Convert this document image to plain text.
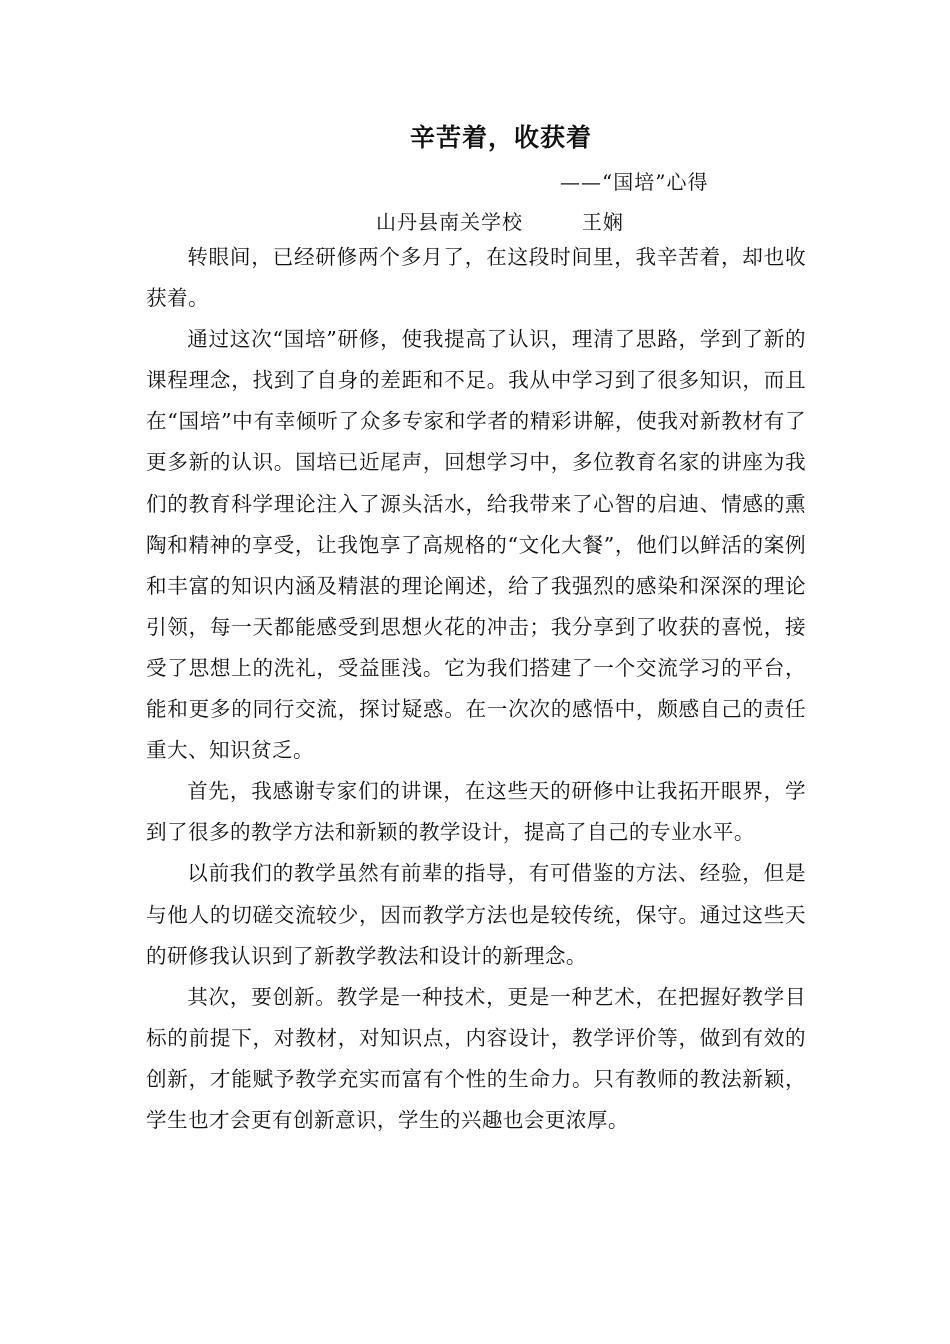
辛苦着，收获着
——“国培”心得
山丹县南关学校	王娴

转眼间，已经研修两个多月了，在这段时间里，我辛苦着，却也收获着。

通过这次“国培”研修，使我提高了认识，理清了思路，学到了新的课程理念，找到了自身的差距和不足。我从中学习到了很多知识，而且在“国培”中有幸倾听了众多专家和学者的精彩讲解，使我对新教材有了更多新的认识。国培已近尾声，回想学习中，多位教育名家的讲座为我们的教育科学理论注入了源头活水，给我带来了心智的启迪、情感的熏陶和精神的享受，让我饱享了高规格的“文化大餐”，他们以鲜活的案例和丰富的知识内涵及精湛的理论阐述，给了我强烈的感染和深深的理论引领，每一天都能感受到思想火花的冲击；我分享到了收获的喜悦，接受了思想上的洗礼，受益匪浅。它为我们搭建了一个交流学习的平台，能和更多的同行交流，探讨疑惑。在一次次的感悟中，颇感自己的责任重大、知识贫乏。

首先，我感谢专家们的讲课，在这些天的研修中让我拓开眼界，学到了很多的教学方法和新颖的教学设计，提高了自己的专业水平。

以前我们的教学虽然有前辈的指导，有可借鉴的方法、经验，但是与他人的切磋交流较少，因而教学方法也是较传统，保守。通过这些天的研修我认识到了新教学教法和设计的新理念。

其次，要创新。教学是一种技术，更是一种艺术，在把握好教学目标的前提下，对教材，对知识点，内容设计，教学评价等，做到有效的创新，才能赋予教学充实而富有个性的生命力。只有教师的教法新颖，学生也才会更有创新意识，学生的兴趣也会更浓厚。
